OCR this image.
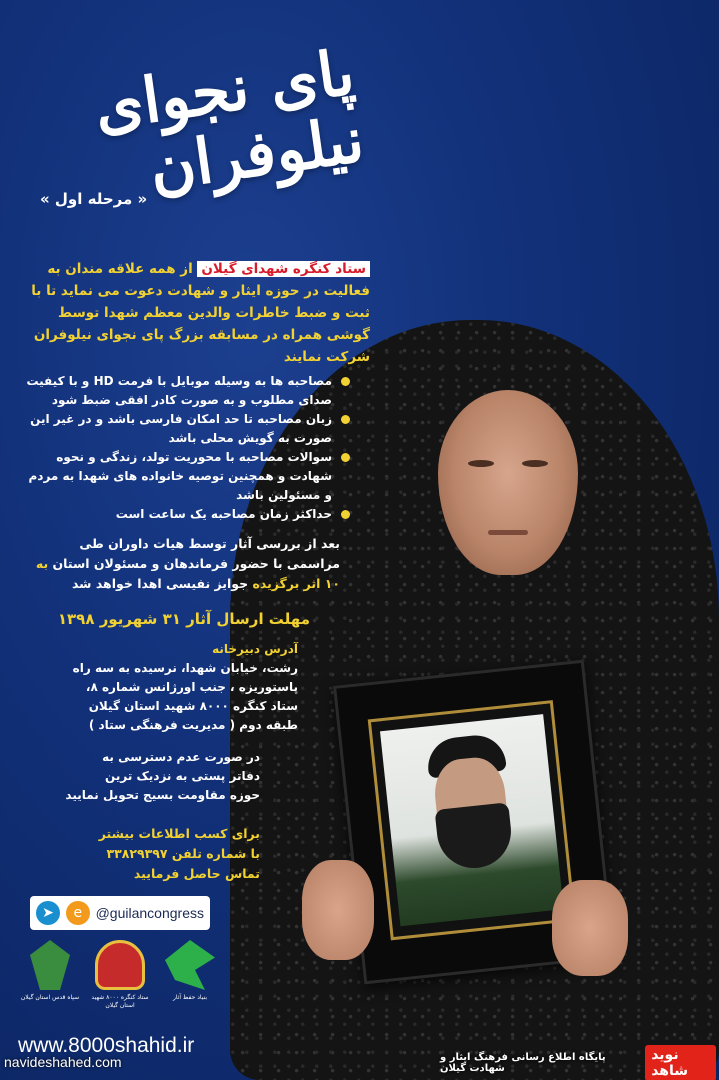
پای نجوای نیلوفران
« مرحله اول »
ستاد کنگره شهدای گیلان از همه علاقه مندان به فعالیت در حوزه ایثار و شهادت دعوت می نماید تا با ثبت و ضبط خاطرات والدین معظم شهدا توسط گوشی همراه در مسابقه بزرگ پای نجوای نیلوفران شرکت نمایند
مصاحبه ها به وسیله موبایل با فرمت HD و با کیفیت صدای مطلوب و به صورت کادر افقی ضبط شود
زبان مصاحبه تا حد امکان فارسی باشد و در غیر این صورت به گویش محلی باشد
سوالات مصاحبه با محوریت تولد، زندگی و نحوه شهادت و همچنین توصیه خانواده های شهدا به مردم و مسئولین باشد
حداکثر زمان مصاحبه یک ساعت است
بعد از بررسی آثار توسط هیات داوران طی مراسمی با حضور فرماندهان و مسئولان استان به ۱۰ اثر برگزیده جوایز نفیسی اهدا خواهد شد
مهلت ارسال آثار ۳۱ شهریور ۱۳۹۸
آدرس دبیرخانه
رشت، خیابان شهدا، نرسیده به سه راه
پاستوریزه ، جنب اورژانس شماره ۸،
ستاد کنگره ۸۰۰۰ شهید استان گیلان
طبقه دوم ( مدیریت فرهنگی ستاد )
در صورت عدم دسترسی به
دفاتر پستی به نزدیک ترین
حوزه مقاومت بسیج تحویل نمایید
برای کسب اطلاعات بیشتر
با شماره تلفن ۳۳۸۲۹۳۹۷
تماس حاصل فرمایید
➤	e @guilancongress
سپاه قدس استان گیلان ستاد کنگره ۸۰۰۰ شهید استان گیلان
بنیاد حفظ آثار
www.8000shahid.ir
navideshahed.com	پایگاه اطلاع رسانی فرهنگ ایثار و شهادت گیلان
نوید شاهد
